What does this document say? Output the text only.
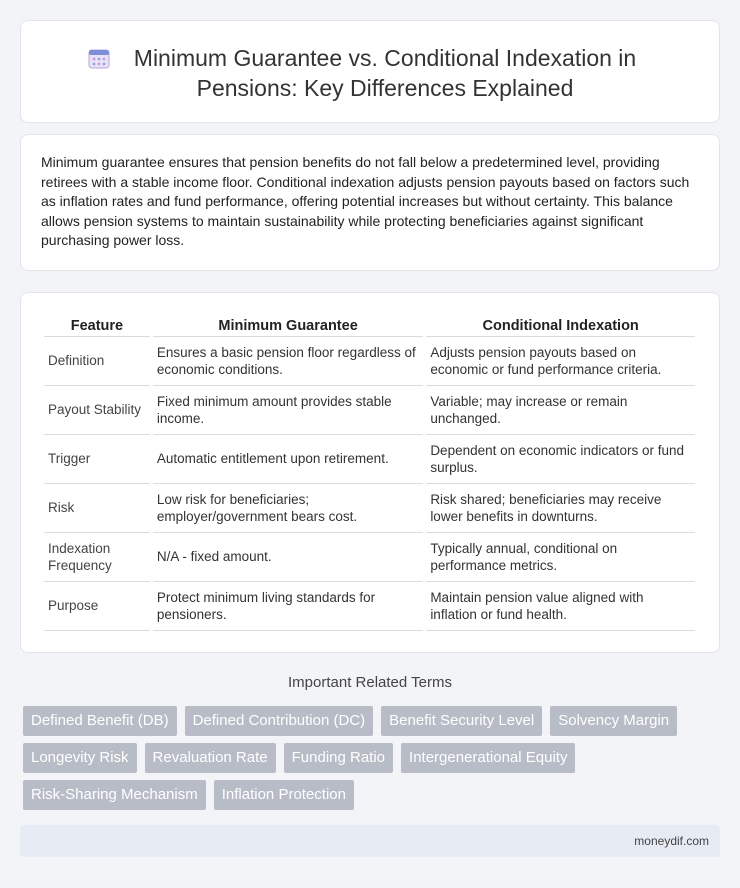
Minimum Guarantee vs. Conditional Indexation in Pensions: Key Differences Explained

Minimum guarantee ensures that pension benefits do not fall below a predetermined level, providing retirees with a stable income floor. Conditional indexation adjusts pension payouts based on factors such as inflation rates and fund performance, offering potential increases but without certainty. This balance allows pension systems to maintain sustainability while protecting beneficiaries against significant purchasing power loss.

Feature	Minimum Guarantee	Conditional Indexation
Definition	Ensures a basic pension floor regardless of economic conditions.	Adjusts pension payouts based on economic or fund performance criteria.
Payout Stability	Fixed minimum amount provides stable income.	Variable; may increase or remain unchanged.
Trigger	Automatic entitlement upon retirement.	Dependent on economic indicators or fund surplus.
Risk	Low risk for beneficiaries; employer/government bears cost.	Risk shared; beneficiaries may receive lower benefits in downturns.
Indexation Frequency	N/A - fixed amount.	Typically annual, conditional on performance metrics.
Purpose	Protect minimum living standards for pensioners.	Maintain pension value aligned with inflation or fund health.
Important Related Terms
Defined Benefit (DB)	Defined Contribution (DC)	Benefit Security Level	Solvency Margin
Longevity Risk	Revaluation Rate	Funding Ratio	Intergenerational Equity
Risk-Sharing Mechanism	Inflation Protection
moneydif.com
